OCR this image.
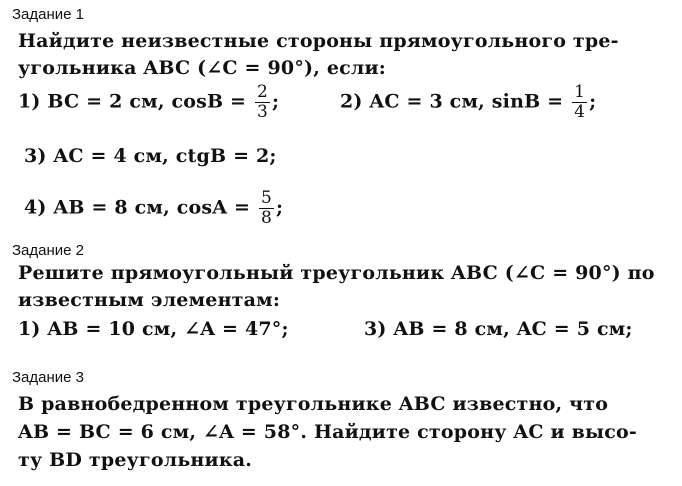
Задание 1
Найдите неизвестные стороны прямоугольного тре-
угольника ABC (∠C = 90°), если:
1) BC = 2 см, $\cos B = \frac{2}{3}$ ;	2) AC = 3 см, $\sin B = \frac{1}{4}$ ;
3) AC = 4 см, ctgB = 2;
4) AB = 8 см, $\cos A = \frac{5}{8}$ ;
Задание 2
Решите прямоугольный треугольник ABC (∠C = 90°) по
известным элементам:
1) AB = 10 см, ∠A = 47°;	3) AB = 8 см, AC = 5 см;
Задание 3
В равнобедренном треугольнике ABC известно, что
AB = BC = 6 см, ∠A = 58°. Найдите сторону AC и высо-
ту BD треугольника.
